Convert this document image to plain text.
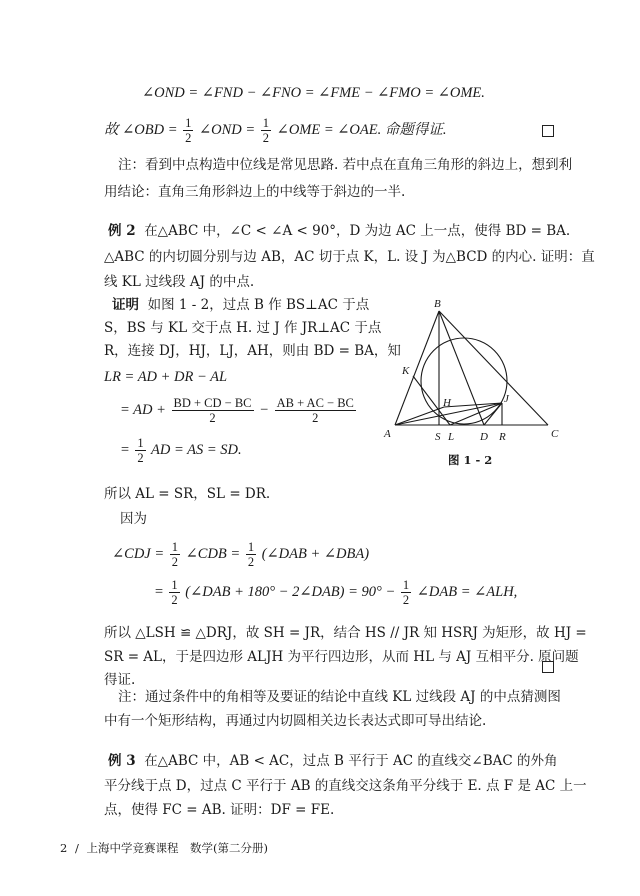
∠OND = ∠FND − ∠FNO = ∠FME − ∠FMO = ∠OME.
故 ∠OBD = $\frac{1}{2}$ ∠OND = $\frac{1}{2}$ ∠OME = ∠OAE. 命题得证.
注：看到中点构造中位线是常见思路. 若中点在直角三角形的斜边上，想到利
用结论：直角三角形斜边上的中线等于斜边的一半.
例 2 在△ABC 中，∠C < ∠A < 90°，D 为边 AC 上一点，使得 BD = BA.
△ABC 的内切圆分别与边 AB，AC 切于点 K，L. 设 J 为△BCD 的内心. 证明：直
线 KL 过线段 AJ 的中点.
证明 如图 1 - 2，过点 B 作 BS⊥AC 于点
S，BS 与 KL 交于点 H. 过 J 作 JR⊥AC 于点
R，连接 DJ，HJ，LJ，AH，则由 BD = BA，知
LR = AD + DR − AL
= AD + $\frac{BD + CD - BC}{2} - \frac{AB + AC - BC}{2}$
= $\frac{1}{2}$ AD = AS = SD.
所以 AL = SR，SL = DR.
因为
∠CDJ = $\frac{1}{2}$ ∠CDB = $\frac{1}{2}$ (∠DAB + ∠DBA)
= $\frac{1}{2}$ (∠DAB + 180° − 2∠DAB) = $90^\circ - \frac{1}{2}$ ∠DAB = ∠ALH,
所以 △LSH ≌ △DRJ，故 SH = JR，结合 HS // JR 知 HSRJ 为矩形，故 HJ =
SR = AL，于是四边形 ALJH 为平行四边形，从而 HL 与 AJ 互相平分. 原问题
得证.
B
K
H	J
A	S L D R	C
图 1 - 2
注：通过条件中的角相等及要证的结论中直线 KL 过线段 AJ 的中点猜测图
中有一个矩形结构，再通过内切圆相关边长表达式即可导出结论.
例 3 在△ABC 中，AB < AC，过点 B 平行于 AC 的直线交∠BAC 的外角
平分线于点 D，过点 C 平行于 AB 的直线交这条角平分线于 E. 点 F 是 AC 上一
点，使得 FC = AB. 证明：DF = FE.
2 / 上海中学竞赛课程　数学(第二分册)
